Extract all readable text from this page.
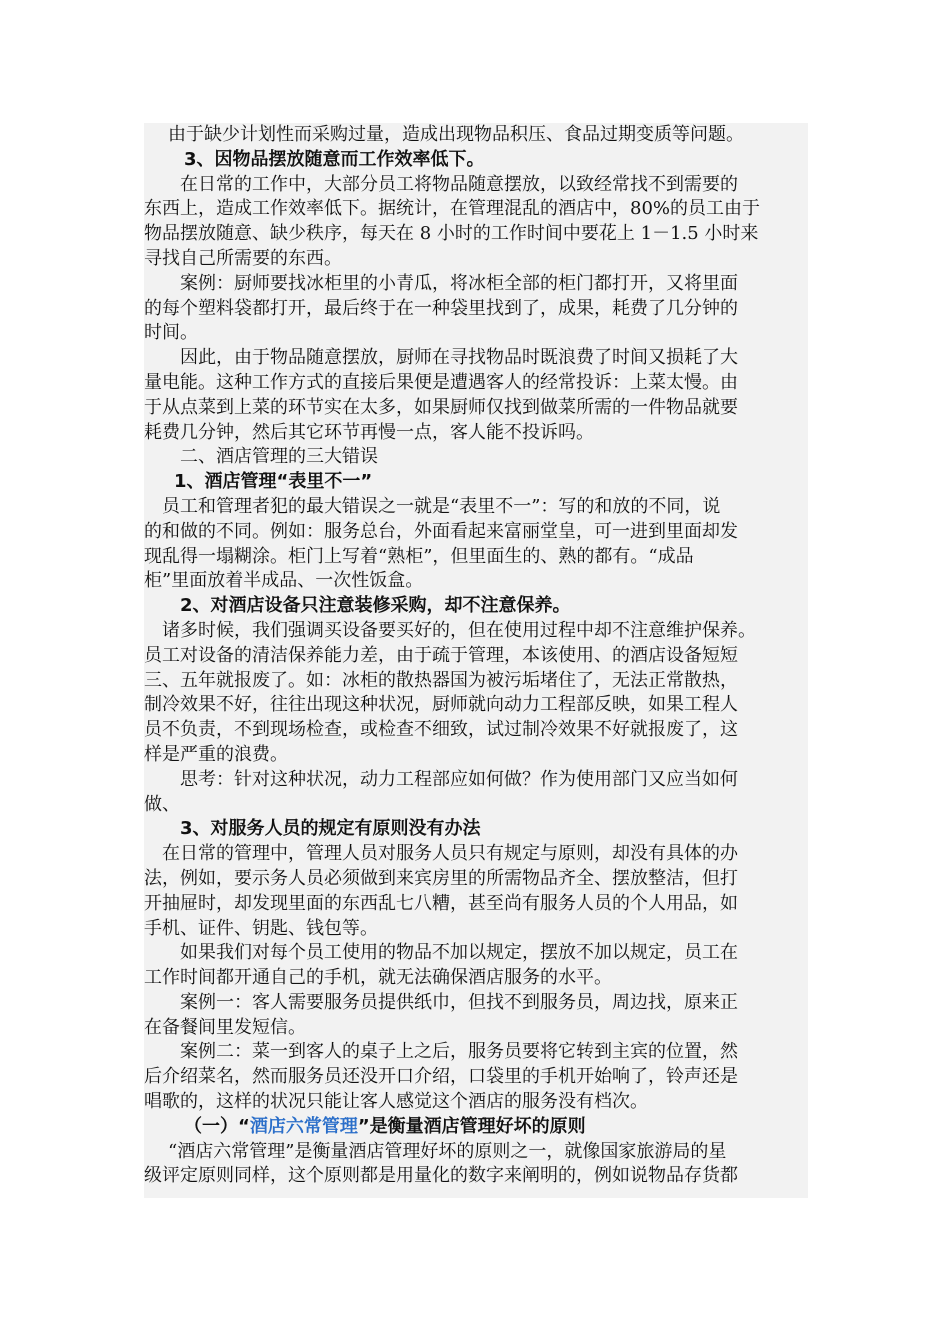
由于缺少计划性而采购过量，造成出现物品积压、食品过期变质等问题。
3、因物品摆放随意而工作效率低下。
在日常的工作中，大部分员工将物品随意摆放，以致经常找不到需要的
东西上，造成工作效率低下。据统计，在管理混乱的酒店中，80%的员工由于
物品摆放随意、缺少秩序，每天在 8 小时的工作时间中要花上 1－1.5 小时来
寻找自己所需要的东西。
案例：厨师要找冰柜里的小青瓜，将冰柜全部的柜门都打开，又将里面
的每个塑料袋都打开，最后终于在一种袋里找到了，成果，耗费了几分钟的
时间。
因此，由于物品随意摆放，厨师在寻找物品时既浪费了时间又损耗了大
量电能。这种工作方式的直接后果便是遭遇客人的经常投诉：上菜太慢。由
于从点菜到上菜的环节实在太多，如果厨师仅找到做菜所需的一件物品就要
耗费几分钟，然后其它环节再慢一点，客人能不投诉吗。
二、酒店管理的三大错误
1、酒店管理“表里不一”
员工和管理者犯的最大错误之一就是“表里不一”：写的和放的不同，说
的和做的不同。例如：服务总台，外面看起来富丽堂皇，可一进到里面却发
现乱得一塌糊涂。柜门上写着“熟柜”，但里面生的、熟的都有。“成品
柜”里面放着半成品、一次性饭盒。
2、对酒店设备只注意装修采购，却不注意保养。
诸多时候，我们强调买设备要买好的，但在使用过程中却不注意维护保养。
员工对设备的清洁保养能力差，由于疏于管理，本该使用、的酒店设备短短
三、五年就报废了。如：冰柜的散热器国为被污垢堵住了，无法正常散热，
制冷效果不好，往往出现这种状况，厨师就向动力工程部反映，如果工程人
员不负责，不到现场检查，或检查不细致，试过制冷效果不好就报废了，这
样是严重的浪费。
思考：针对这种状况，动力工程部应如何做？作为使用部门又应当如何
做、
3、对服务人员的规定有原则没有办法
在日常的管理中，管理人员对服务人员只有规定与原则，却没有具体的办
法，例如，要示务人员必须做到来宾房里的所需物品齐全、摆放整洁，但打
开抽屉时，却发现里面的东西乱七八糟，甚至尚有服务人员的个人用品，如
手机、证件、钥匙、钱包等。
如果我们对每个员工使用的物品不加以规定，摆放不加以规定，员工在
工作时间都开通自己的手机，就无法确保酒店服务的水平。
案例一：客人需要服务员提供纸巾，但找不到服务员，周边找，原来正
在备餐间里发短信。
案例二：菜一到客人的桌子上之后，服务员要将它转到主宾的位置，然
后介绍菜名，然而服务员还没开口介绍，口袋里的手机开始响了，铃声还是
唱歌的，这样的状况只能让客人感觉这个酒店的服务没有档次。
（一）“酒店六常管理”是衡量酒店管理好坏的原则
“酒店六常管理”是衡量酒店管理好坏的原则之一，就像国家旅游局的星
级评定原则同样，这个原则都是用量化的数字来阐明的，例如说物品存货都
